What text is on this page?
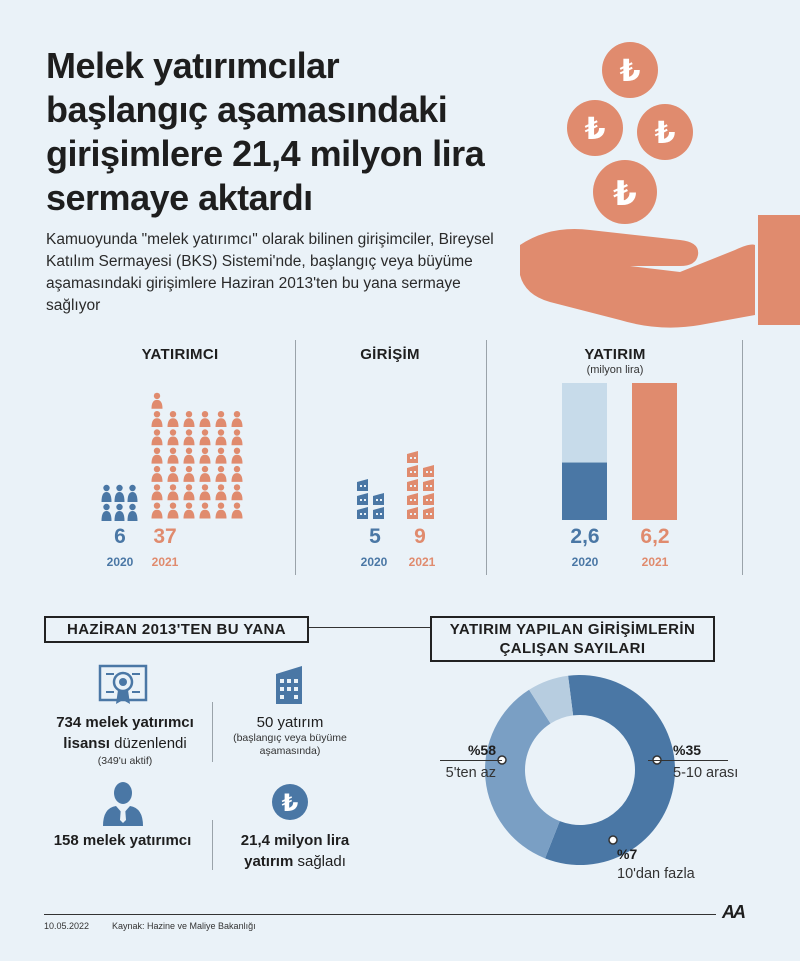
Melek yatırımcılar
başlangıç aşamasındaki
girişimlere 21,4 milyon lira
sermaye aktardı
₺
₺ ₺
₺
Kamuoyunda "melek yatırımcı" olarak bilinen girişimciler, Bireysel Katılım Sermayesi (BKS) Sistemi'nde, başlangıç veya büyüme aşamasındaki girişimlere Haziran 2013'ten bu yana sermaye sağlıyor
YATIRIMCI
6	37
2020	2021
GİRİŞİM
5	9
2020	2021
YATIRIM
(milyon lira)
2,6	6,2
2020	2021
HAZİRAN 2013'TEN BU YANA
734 melek yatırımcı lisansı düzenlendi
(349'u aktif)
50 yatırım
(başlangıç veya büyüme aşamasında)
158 melek yatırımcı
₺
21,4 milyon lira yatırım sağladı
YATIRIM YAPILAN GİRİŞİMLERİN
ÇALIŞAN SAYILARI
%58
5'ten az
%35
5-10 arası
%7
10'dan fazla
10.05.2022	Kaynak: Hazine ve Maliye Bakanlığı
AA
